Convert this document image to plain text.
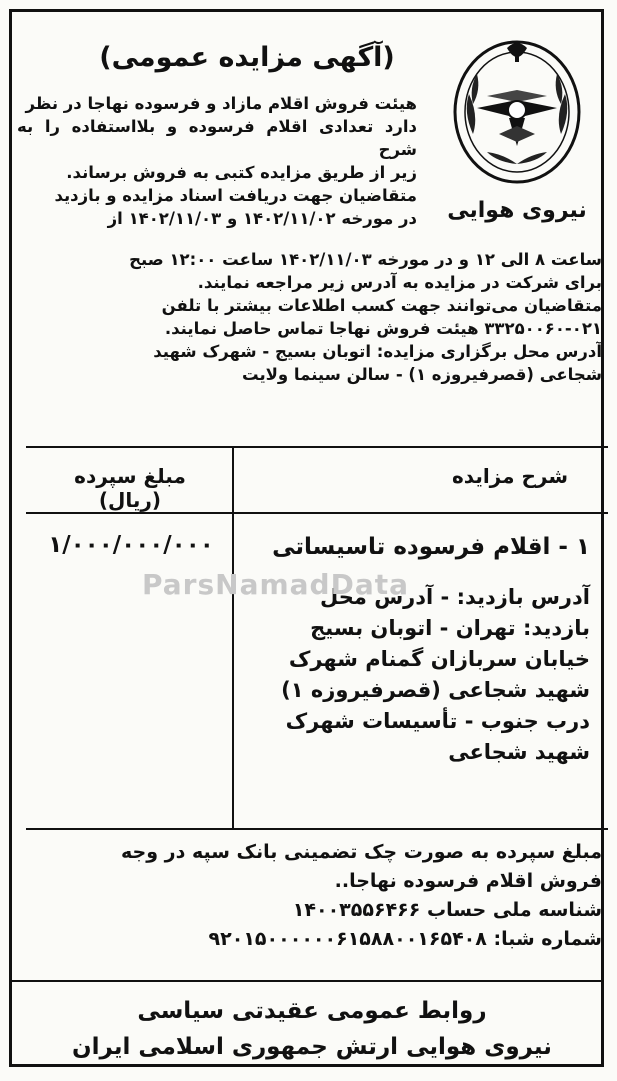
نیروی هوایی
(آگهی مزایده عمومی)

هیئت فروش اقلام مازاد و فرسوده نهاجا در نظر

دارد تعدادی اقلام فرسوده و بلااستفاده را به شرح

زیر از طریق مزایده کتبی به فروش برساند.

متقاضیان جهت دریافت اسناد مزایده و بازدید

در مورخه ۱۴۰۲/۱۱/۰۲ و ۱۴۰۲/۱۱/۰۳ از

ساعت ۸ الی ۱۲ و در مورخه ۱۴۰۲/۱۱/۰۳ ساعت ۱۲:۰۰ صبح

برای شرکت در مزایده به آدرس زیر مراجعه نمایند.

متقاضیان می‌توانند جهت کسب اطلاعات بیشتر با تلفن

۳۳۲۵۰۰۶۰-۰۲۱ هیئت فروش نهاجا تماس حاصل نمایند.

آدرس محل برگزاری مزایده: اتوبان بسیج - شهرک شهید

شجاعی (قصرفیروزه ۱) - سالن سینما ولایت

شرح مزایده
مبلغ سپرده (ریال)
۱ - اقلام فرسوده تاسیساتی
۱/۰۰۰/۰۰۰/۰۰۰
آدرس بازدید: - آدرس محل
بازدید: تهران - اتوبان بسیج
خیابان سربازان گمنام شهرک
شهید شجاعی (قصرفیروزه ۱)
درب جنوب - تأسیسات شهرک
شهید شجاعی
ParsNamadData

مبلغ سپرده به صورت چک تضمینی بانک سپه در وجه

فروش اقلام فرسوده نهاجا..

شناسه ملی حساب ۱۴۰۰۳۵۵۶۴۶۶

شماره شبا: ۹۲۰۱۵۰۰۰۰۰۰۶۱۵۸۸۰۰۱۶۵۴۰۸

روابط عمومی عقیدتی سیاسی
نیروی هوایی ارتش جمهوری اسلامی ایران
